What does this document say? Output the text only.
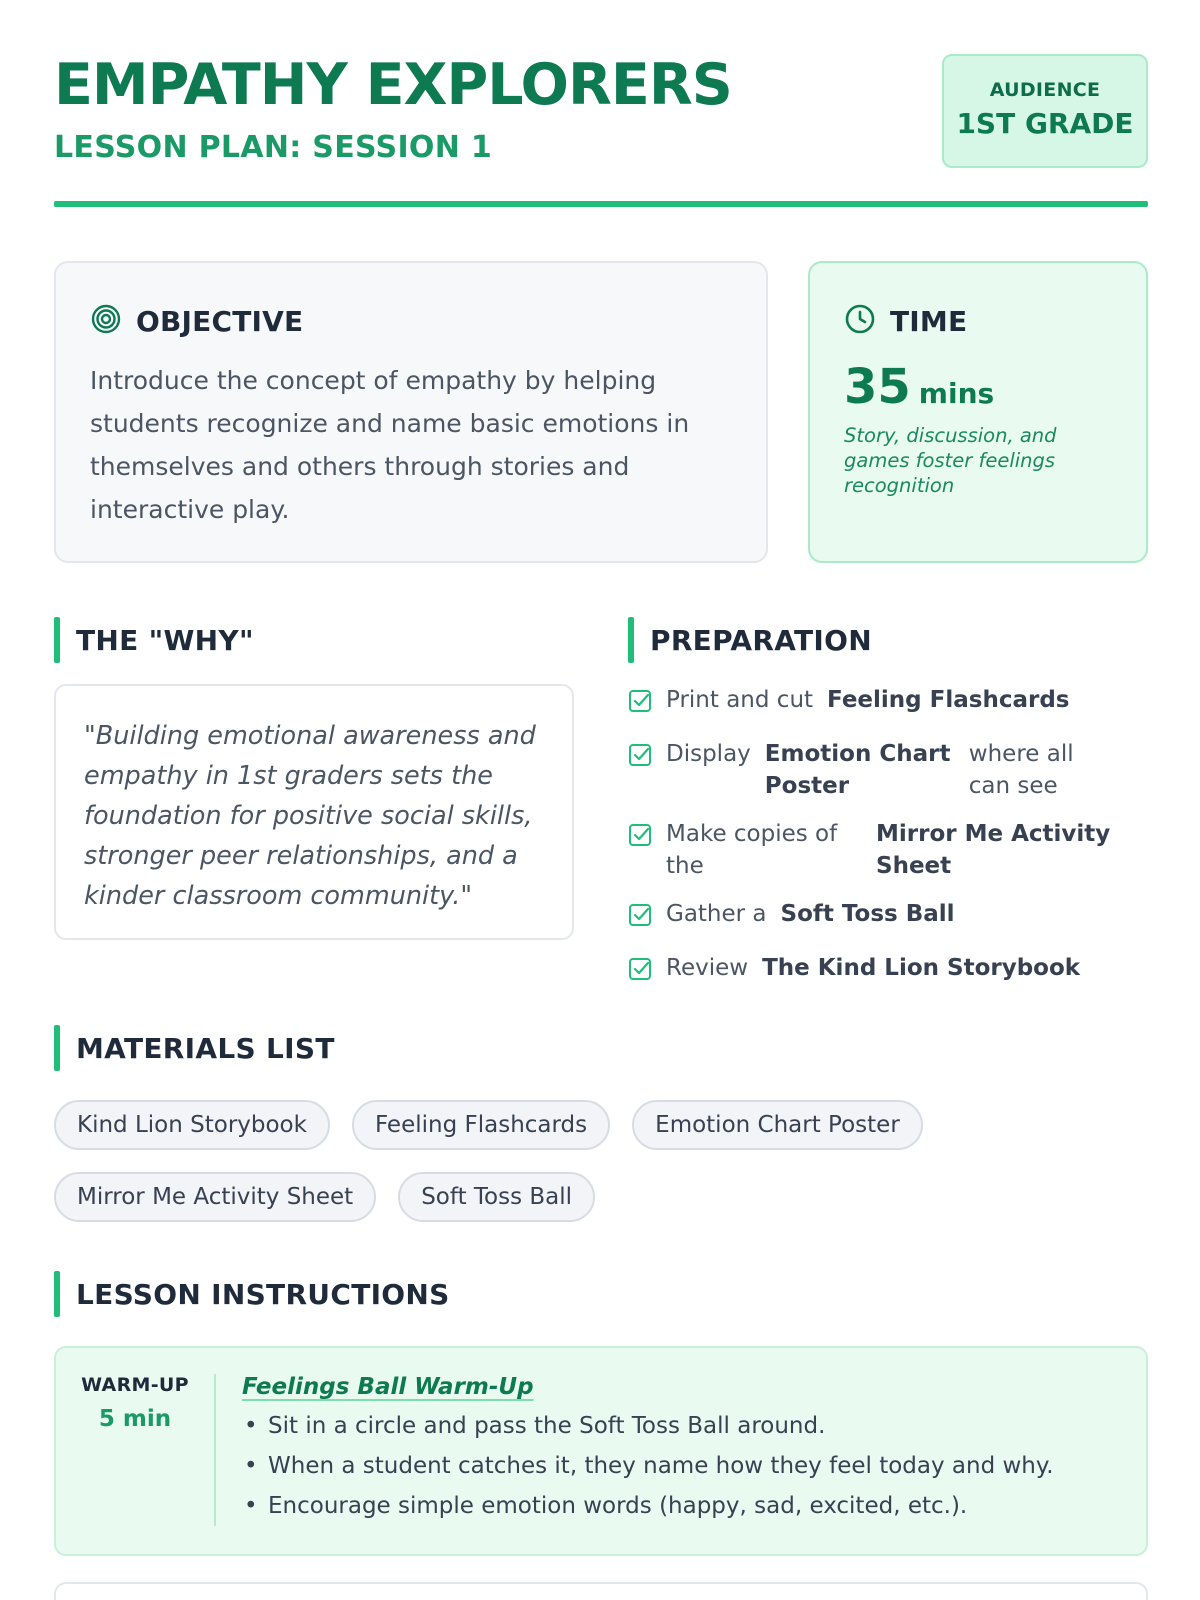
EMPATHY EXPLORERS
LESSON PLAN: SESSION 1
AUDIENCE
1ST GRADE
OBJECTIVE
Introduce the concept of empathy by helping students recognize and name basic emotions in themselves and others through stories and interactive play.
TIME
35 mins
Story, discussion, and games foster feelings recognition
THE "WHY"
"Building emotional awareness and empathy in 1st graders sets the foundation for positive social skills, stronger peer relationships, and a kinder classroom community."
PREPARATION
Print and cut Feeling Flashcards
Display Emotion Chart Poster
where all can see
Make copies of the
Mirror Me Activity Sheet
Gather a Soft Toss Ball
Review The Kind Lion Storybook
MATERIALS LIST
Kind Lion Storybook	Feeling Flashcards	Emotion Chart Poster
Mirror Me Activity Sheet	Soft Toss Ball
LESSON INSTRUCTIONS
WARM-UP
5 min
Feelings Ball Warm-Up
• Sit in a circle and pass the Soft Toss Ball around.
• When a student catches it, they name how they feel today and why.
• Encourage simple emotion words (happy, sad, excited, etc.).
